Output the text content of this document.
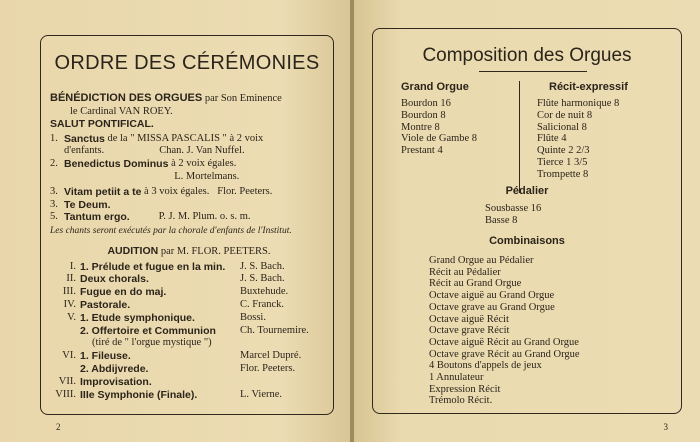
ORDRE DES CÉRÉMONIES
BÉNÉDICTION DES ORGUES par Son Eminence
le Cardinal VAN ROEY.
SALUT PONTIFICAL.
1. Sanctus de la " MISSA PASCALIS " à 2 voix
d'enfants.                     Chan. J. Van Nuffel.
2. Benedictus Dominus à 2 voix égales.
L. Mortelmans.
3. Vitam petiit a te à 3 voix égales.   Flor. Peeters.
3. Te Deum.
5. Tantum ergo. P. J. M. Plum. o. s. m.
Les chants seront exécutés par la chorale d'enfants de l'Institut.
AUDITION par M. FLOR. PEETERS.
I. 1. Prélude et fugue en la min.	J. S. Bach.
II. Deux chorals.	J. S. Bach.
III. Fugue en do maj.	Buxtehude.
IV. Pastorale.	C. Franck.
V. 1. Etude symphonique.	Bossi.
2. Offertoire et Communion	Ch. Tournemire.
(tiré de " l'orgue mystique ")
VI. 1. Fileuse.	Marcel Dupré.
2. Abdijvrede.	Flor. Peeters.
VII. Improvisation.
VIII. IIIe Symphonie (Finale).	L. Vierne.
2
Composition des Orgues
Grand Orgue
Bourdon 16
Bourdon 8
Montre 8
Viole de Gambe 8
Prestant 4
Récit-expressif
Flûte harmonique 8
Cor de nuit 8
Salicional 8
Flûte 4
Quinte 2 2/3
Tierce 1 3/5
Trompette 8
Pédalier
Sousbasse 16
Basse 8
Combinaisons
Grand Orgue au Pédalier
Récit au Pédalier
Récit au Grand Orgue
Octave aiguë au Grand Orgue
Octave grave au Grand Orgue
Octave aiguë Récit
Octave grave Récit
Octave aiguë Récit au Grand Orgue
Octave grave Récit au Grand Orgue
4 Boutons d'appels de jeux
1 Annulateur
Expression Récit
Trémolo Récit.
3
